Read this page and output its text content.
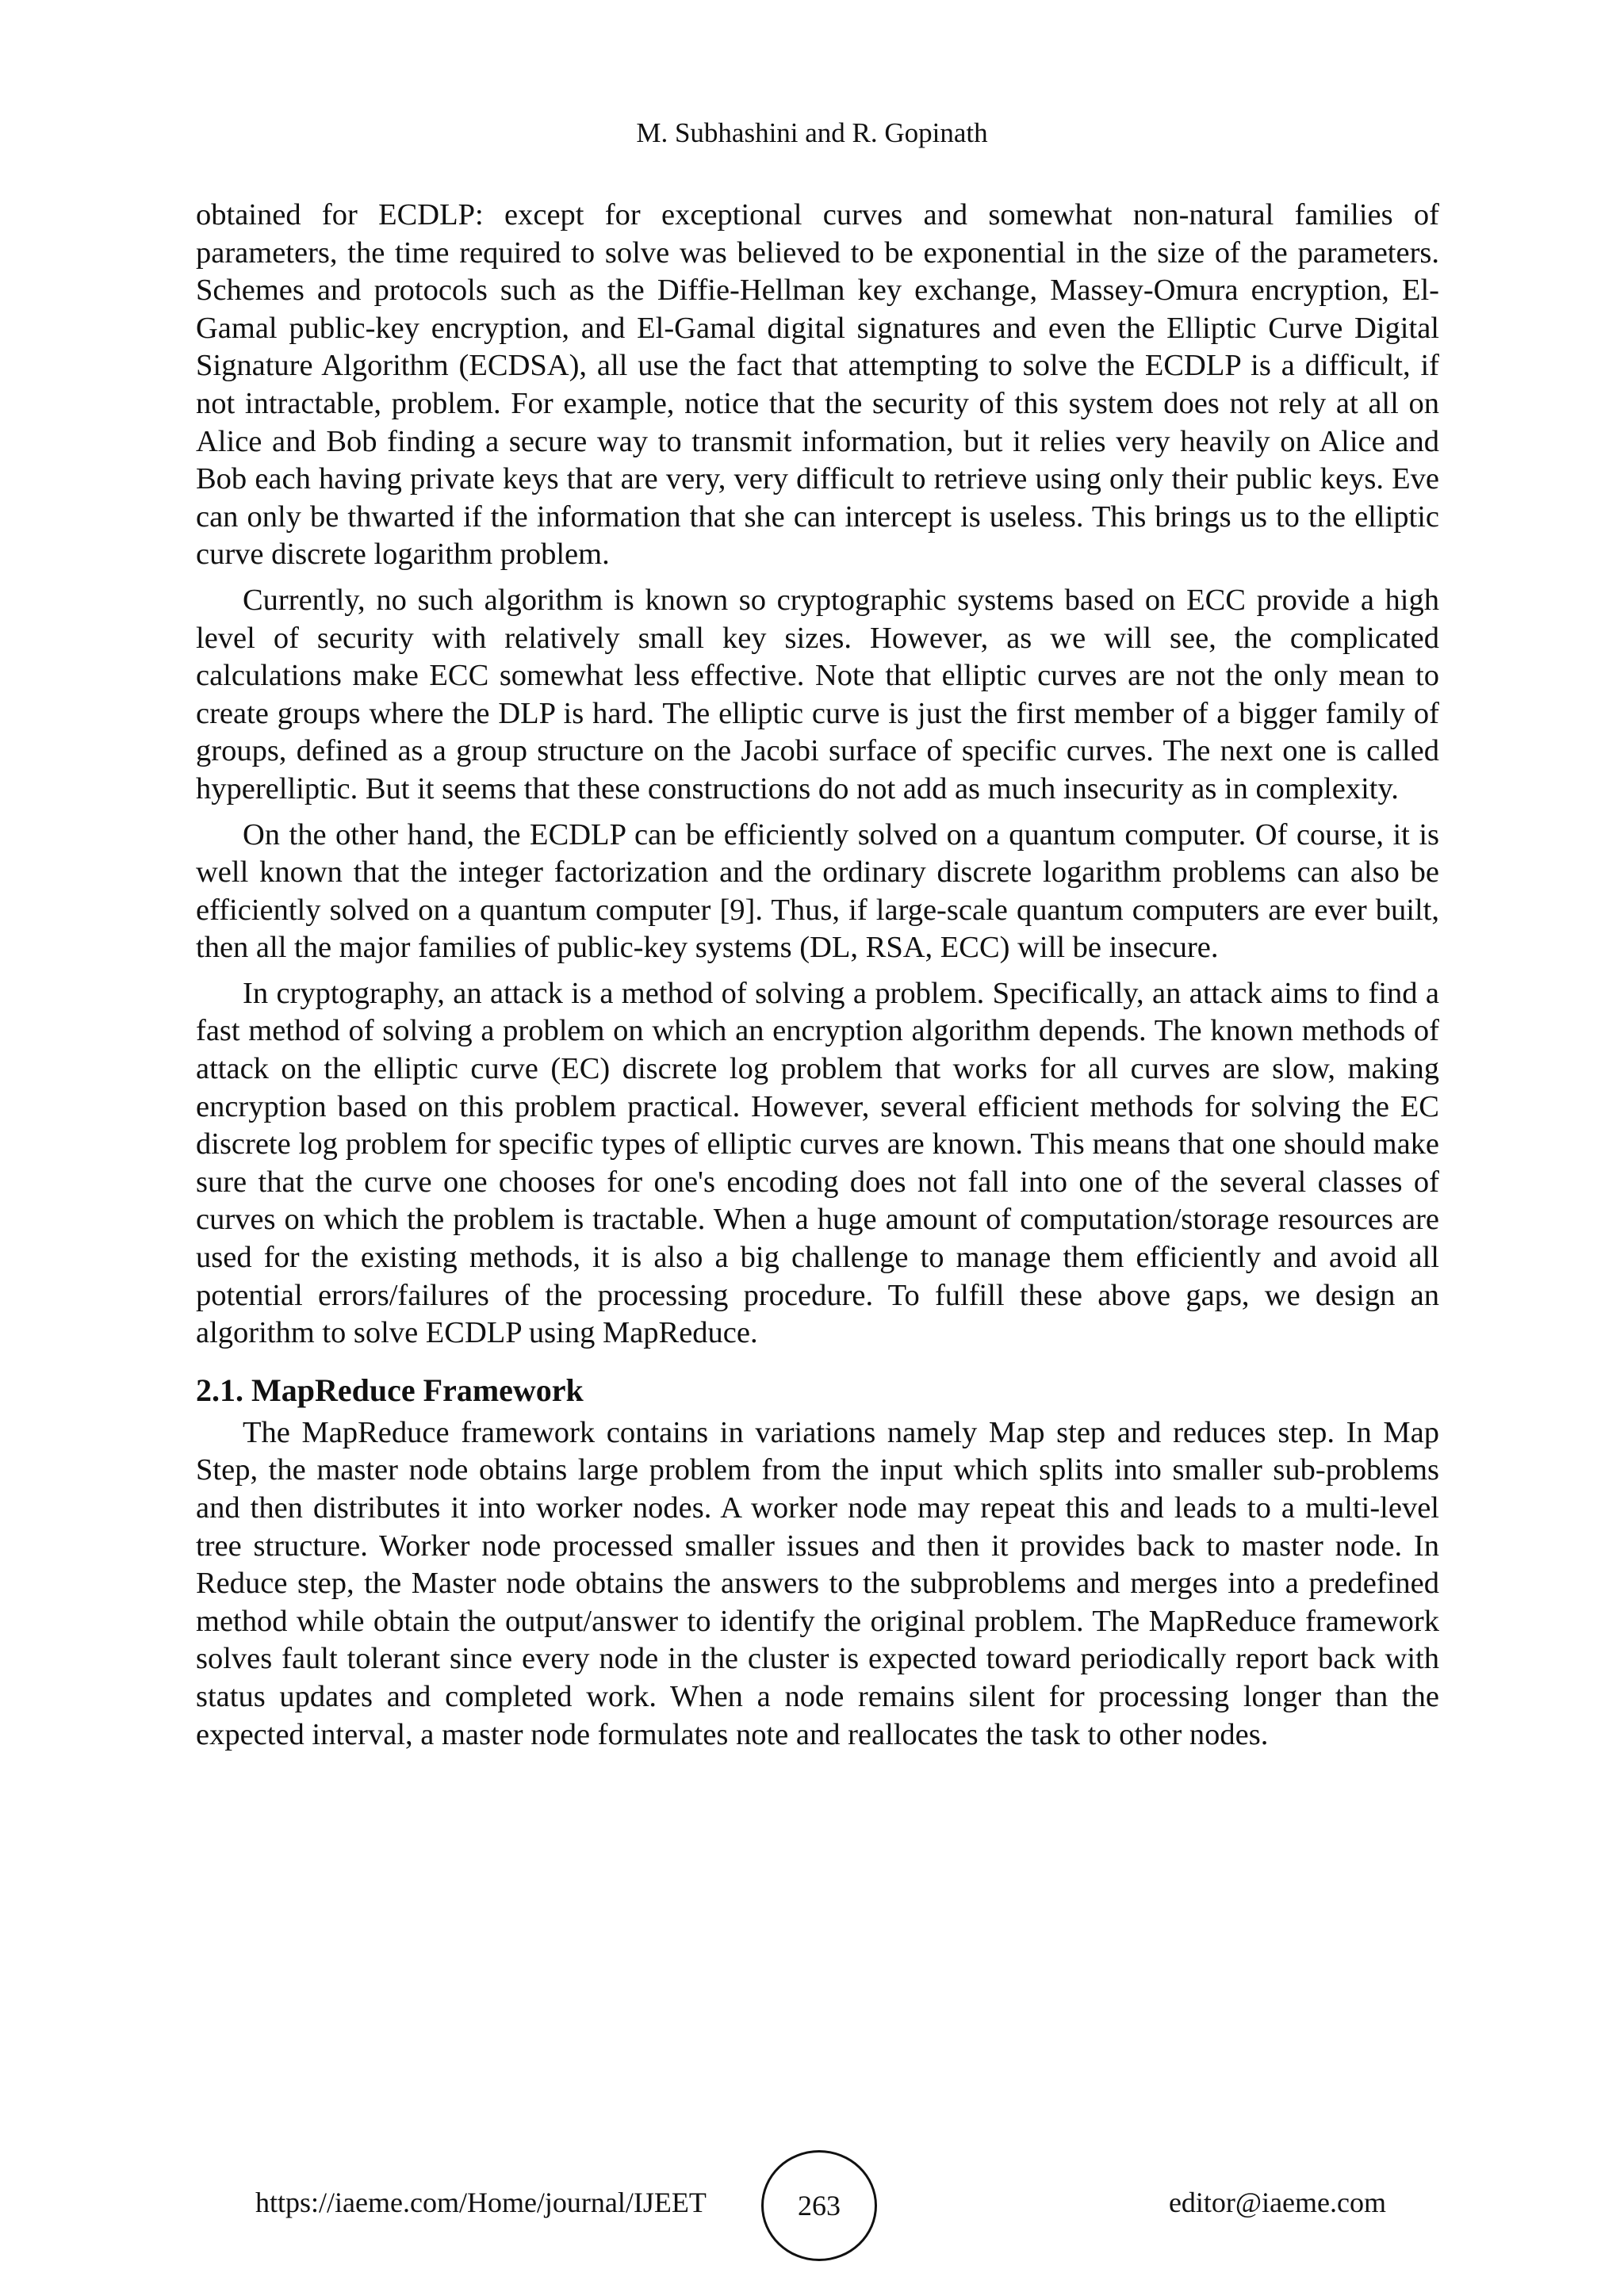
M. Subhashini and R. Gopinath

obtained for ECDLP: except for exceptional curves and somewhat non-natural families of parameters, the time required to solve was believed to be exponential in the size of the parameters. Schemes and protocols such as the Diffie-Hellman key exchange, Massey-Omura encryption, El- Gamal public-key encryption, and El-Gamal digital signatures and even the Elliptic Curve Digital Signature Algorithm (ECDSA), all use the fact that attempting to solve the ECDLP is a difficult, if not intractable, problem. For example, notice that the security of this system does not rely at all on Alice and Bob finding a secure way to transmit information, but it relies very heavily on Alice and Bob each having private keys that are very, very difficult to retrieve using only their public keys. Eve can only be thwarted if the information that she can intercept is useless. This brings us to the elliptic curve discrete logarithm problem.

Currently, no such algorithm is known so cryptographic systems based on ECC provide a high level of security with relatively small key sizes. However, as we will see, the complicated calculations make ECC somewhat less effective. Note that elliptic curves are not the only mean to create groups where the DLP is hard. The elliptic curve is just the first member of a bigger family of groups, defined as a group structure on the Jacobi surface of specific curves. The next one is called hyperelliptic. But it seems that these constructions do not add as much insecurity as in complexity.

On the other hand, the ECDLP can be efficiently solved on a quantum computer. Of course, it is well known that the integer factorization and the ordinary discrete logarithm problems can also be efficiently solved on a quantum computer [9]. Thus, if large-scale quantum computers are ever built, then all the major families of public-key systems (DL, RSA, ECC) will be insecure.

In cryptography, an attack is a method of solving a problem. Specifically, an attack aims to find a fast method of solving a problem on which an encryption algorithm depends. The known methods of attack on the elliptic curve (EC) discrete log problem that works for all curves are slow, making encryption based on this problem practical. However, several efficient methods for solving the EC discrete log problem for specific types of elliptic curves are known. This means that one should make sure that the curve one chooses for one's encoding does not fall into one of the several classes of curves on which the problem is tractable. When a huge amount of computation/storage resources are used for the existing methods, it is also a big challenge to manage them efficiently and avoid all potential errors/failures of the processing procedure. To fulfill these above gaps, we design an algorithm to solve ECDLP using MapReduce.

2.1. MapReduce Framework

The MapReduce framework contains in variations namely Map step and reduces step. In Map Step, the master node obtains large problem from the input which splits into smaller sub-problems and then distributes it into worker nodes. A worker node may repeat this and leads to a multi-level tree structure. Worker node processed smaller issues and then it provides back to master node. In Reduce step, the Master node obtains the answers to the subproblems and merges into a predefined method while obtain the output/answer to identify the original problem. The MapReduce framework solves fault tolerant since every node in the cluster is expected toward periodically report back with status updates and completed work. When a node remains silent for processing longer than the expected interval, a master node formulates note and reallocates the task to other nodes.

https://iaeme.com/Home/journal/IJEET	263	editor@iaeme.com
